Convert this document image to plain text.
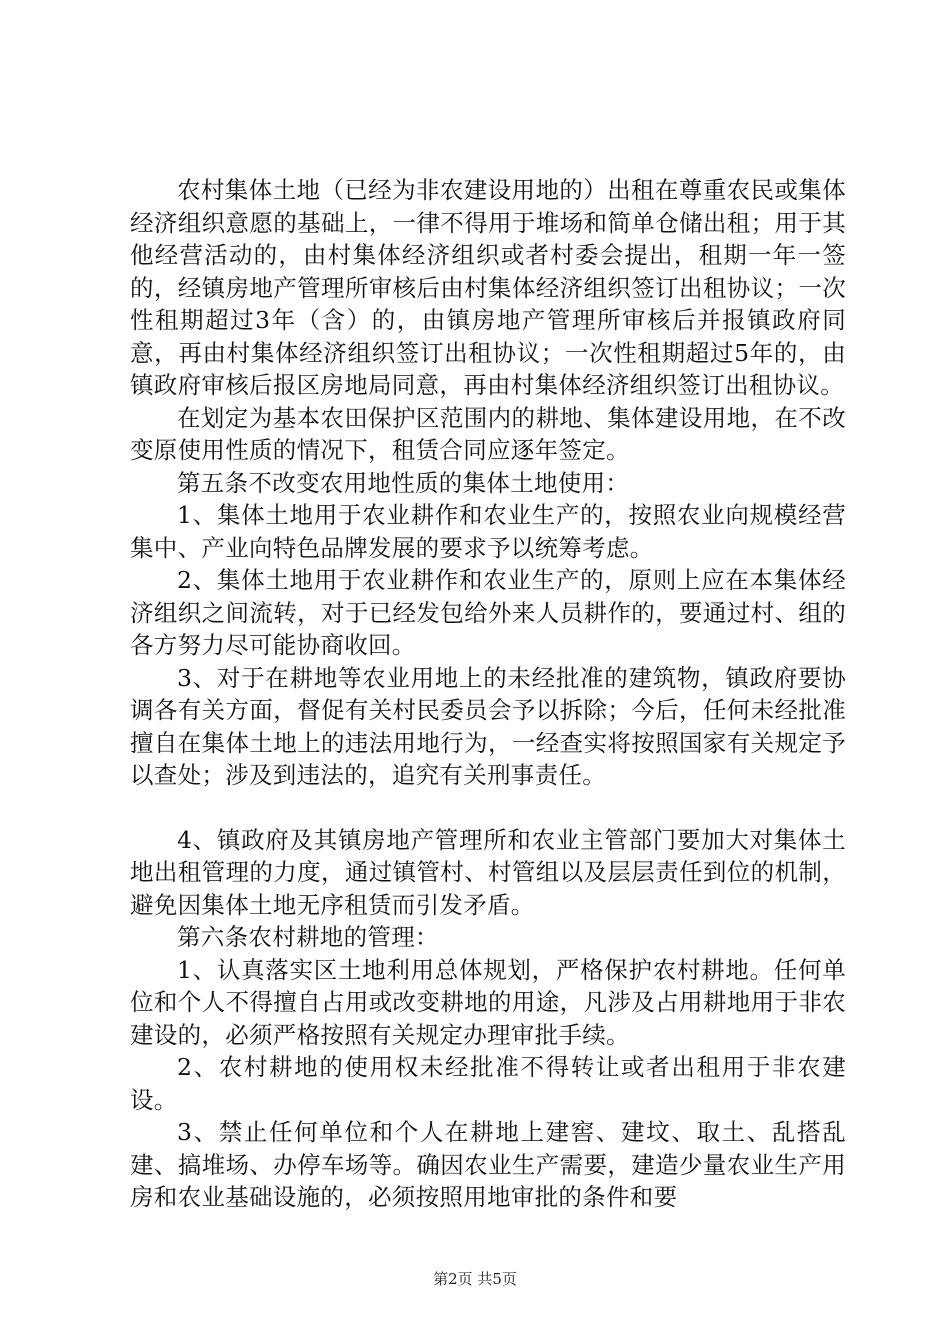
农村集体土地（已经为非农建设用地的）出租在尊重农民或集体经济组织意愿的基础上，一律不得用于堆场和简单仓储出租；用于其他经营活动的，由村集体经济组织或者村委会提出，租期一年一签的，经镇房地产管理所审核后由村集体经济组织签订出租协议；一次性租期超过3年（含）的，由镇房地产管理所审核后并报镇政府同意，再由村集体经济组织签订出租协议；一次性租期超过5年的，由镇政府审核后报区房地局同意，再由村集体经济组织签订出租协议。

在划定为基本农田保护区范围内的耕地、集体建设用地，在不改变原使用性质的情况下，租赁合同应逐年签定。

第五条不改变农用地性质的集体土地使用：

1、集体土地用于农业耕作和农业生产的，按照农业向规模经营集中、产业向特色品牌发展的要求予以统筹考虑。

2、集体土地用于农业耕作和农业生产的，原则上应在本集体经济组织之间流转，对于已经发包给外来人员耕作的，要通过村、组的各方努力尽可能协商收回。

3、对于在耕地等农业用地上的未经批准的建筑物，镇政府要协调各有关方面，督促有关村民委员会予以拆除；今后，任何未经批准擅自在集体土地上的违法用地行为，一经查实将按照国家有关规定予以查处；涉及到违法的，追究有关刑事责任。

4、镇政府及其镇房地产管理所和农业主管部门要加大对集体土地出租管理的力度，通过镇管村、村管组以及层层责任到位的机制，避免因集体土地无序租赁而引发矛盾。

第六条农村耕地的管理：

1、认真落实区土地利用总体规划，严格保护农村耕地。任何单位和个人不得擅自占用或改变耕地的用途，凡涉及占用耕地用于非农建设的，必须严格按照有关规定办理审批手续。

2、农村耕地的使用权未经批准不得转让或者出租用于非农建设。

3、禁止任何单位和个人在耕地上建窖、建坟、取土、乱搭乱建、搞堆场、办停车场等。确因农业生产需要，建造少量农业生产用房和农业基础设施的，必须按照用地审批的条件和要

第2页 共5页
